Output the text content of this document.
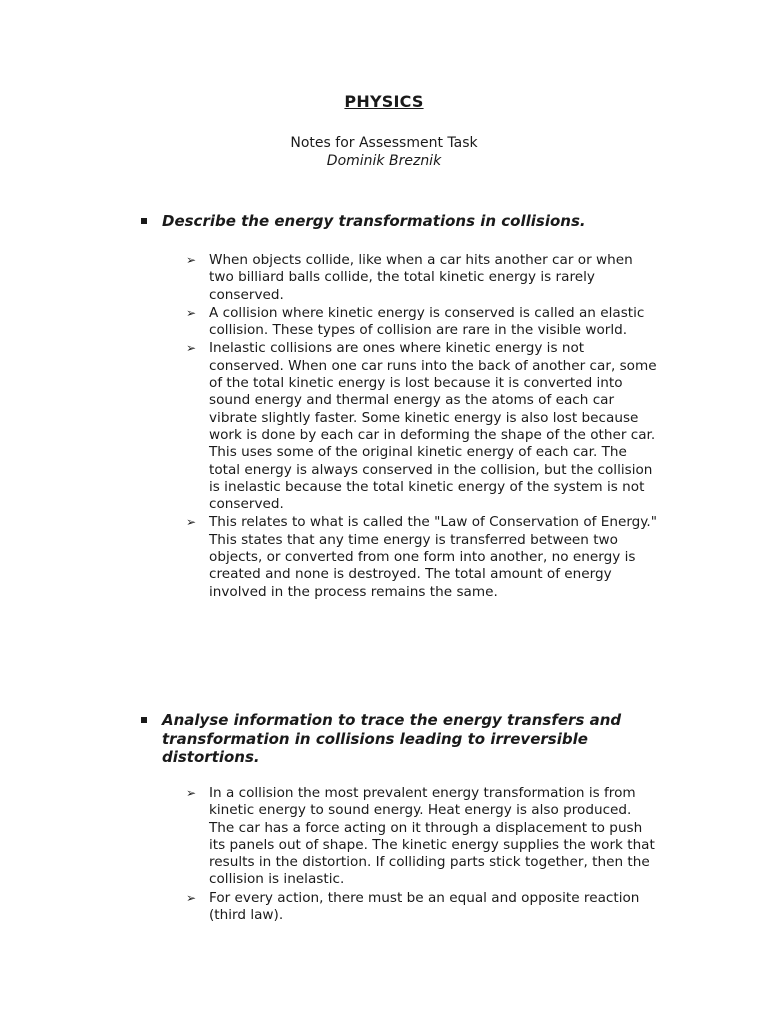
PHYSICS
Notes for Assessment Task
Dominik Breznik
Describe the energy transformations in collisions.
➢ When objects collide, like when a car hits another car or when two billiard balls collide, the total kinetic energy is rarely conserved.
➢ A collision where kinetic energy is conserved is called an elastic collision. These types of collision are rare in the visible world.
➢ Inelastic collisions are ones where kinetic energy is not conserved. When one car runs into the back of another car, some of the total kinetic energy is lost because it is converted into sound energy and thermal energy as the atoms of each car vibrate slightly faster. Some kinetic energy is also lost because work is done by each car in deforming the shape of the other car. This uses some of the original kinetic energy of each car. The total energy is always conserved in the collision, but the collision is inelastic because the total kinetic energy of the system is not conserved.
➢ This relates to what is called the "Law of Conservation of Energy." This states that any time energy is transferred between two objects, or converted from one form into another, no energy is created and none is destroyed. The total amount of energy involved in the process remains the same.
Analyse information to trace the energy transfers and transformation in collisions leading to irreversible distortions.
➢ In a collision the most prevalent energy transformation is from kinetic energy to sound energy. Heat energy is also produced. The car has a force acting on it through a displacement to push its panels out of shape. The kinetic energy supplies the work that results in the distortion. If colliding parts stick together, then the collision is inelastic.
➢ For every action, there must be an equal and opposite reaction (third law).
